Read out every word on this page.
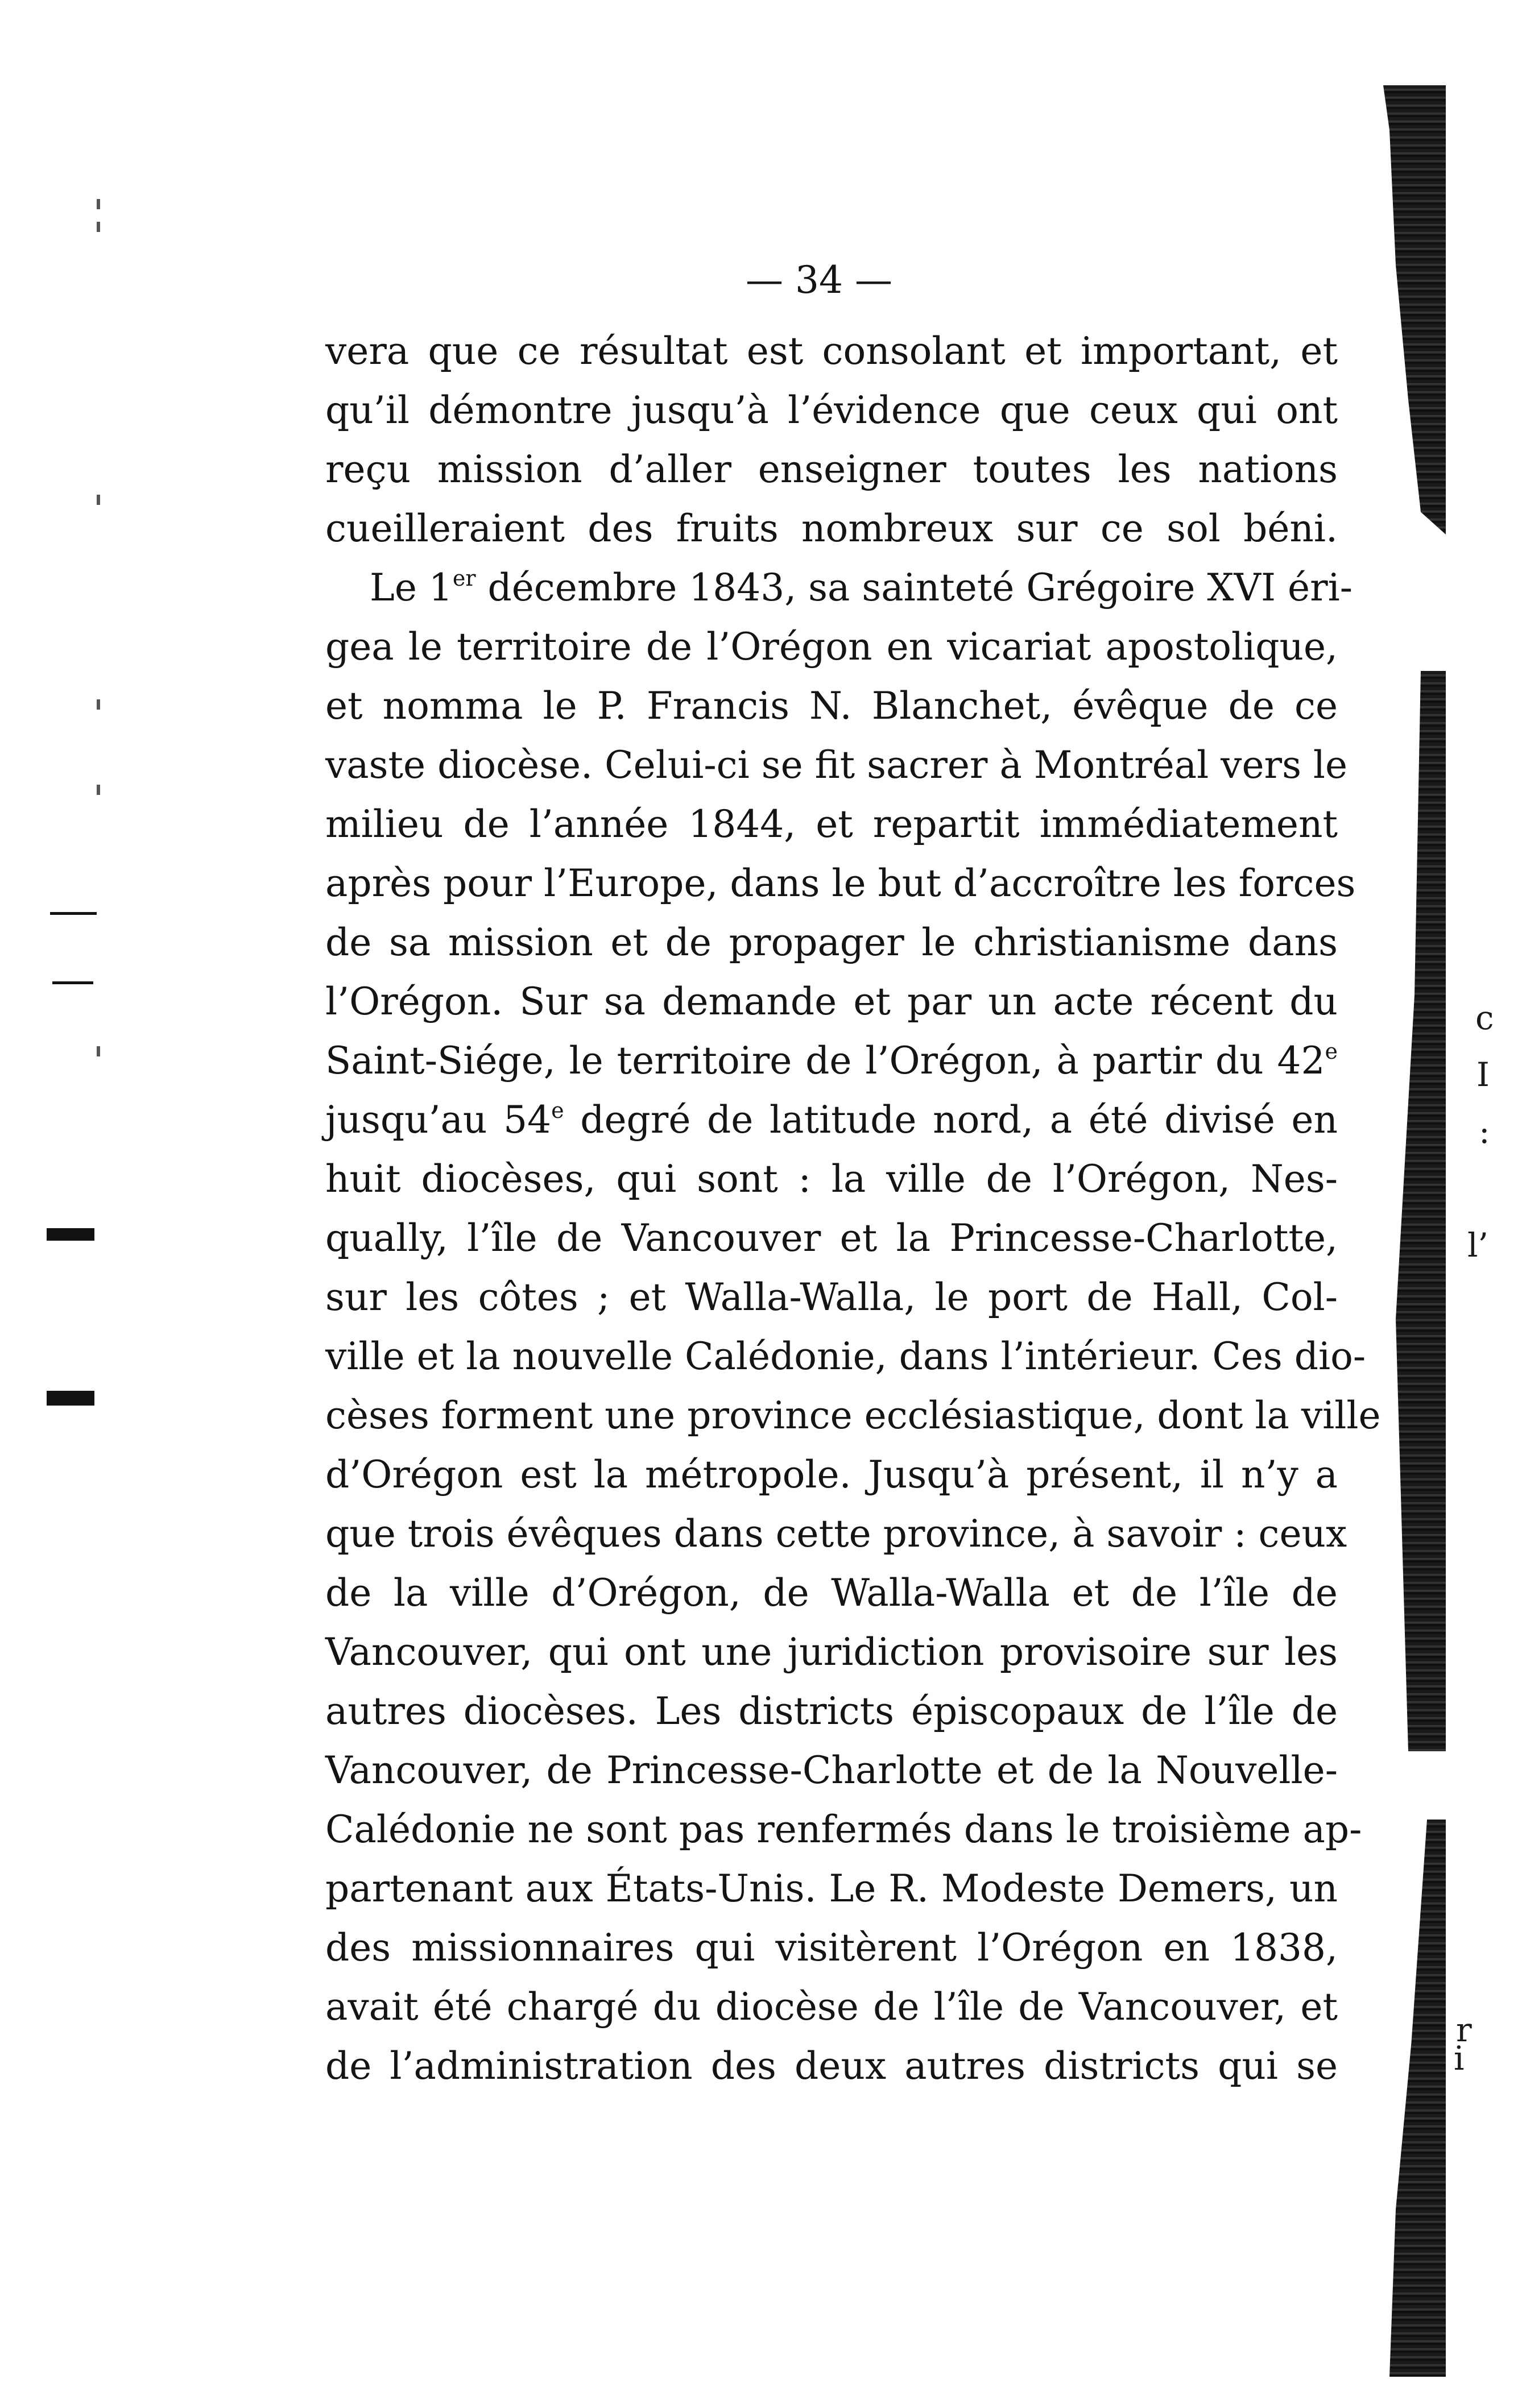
c
I
:
l’
r
i
— 34 —
vera que ce résultat est consolant et important, et
qu’il démontre jusqu’à l’évidence que ceux qui ont
reçu mission d’aller enseigner toutes les nations
cueilleraient des fruits nombreux sur ce sol béni.
Le 1er décembre 1843, sa sainteté Grégoire XVI éri-
gea le territoire de l’Orégon en vicariat apostolique,
et nomma le P. Francis N. Blanchet, évêque de ce
vaste diocèse. Celui-ci se fit sacrer à Montréal vers le
milieu de l’année 1844, et repartit immédiatement
après pour l’Europe, dans le but d’accroître les forces
de sa mission et de propager le christianisme dans
l’Orégon. Sur sa demande et par un acte récent du
Saint-Siége, le territoire de l’Orégon, à partir du 42e
jusqu’au 54e degré de latitude nord, a été divisé en
huit diocèses, qui sont : la ville de l’Orégon, Nes-
qually, l’île de Vancouver et la Princesse-Charlotte,
sur les côtes ; et Walla-Walla, le port de Hall, Col-
ville et la nouvelle Calédonie, dans l’intérieur. Ces dio-
cèses forment une province ecclésiastique, dont la ville
d’Orégon est la métropole. Jusqu’à présent, il n’y a
que trois évêques dans cette province, à savoir : ceux
de la ville d’Orégon, de Walla-Walla et de l’île de
Vancouver, qui ont une juridiction provisoire sur les
autres diocèses. Les districts épiscopaux de l’île de
Vancouver, de Princesse-Charlotte et de la Nouvelle-
Calédonie ne sont pas renfermés dans le troisième ap-
partenant aux États-Unis. Le R. Modeste Demers, un
des missionnaires qui visitèrent l’Orégon en 1838,
avait été chargé du diocèse de l’île de Vancouver, et
de l’administration des deux autres districts qui se
